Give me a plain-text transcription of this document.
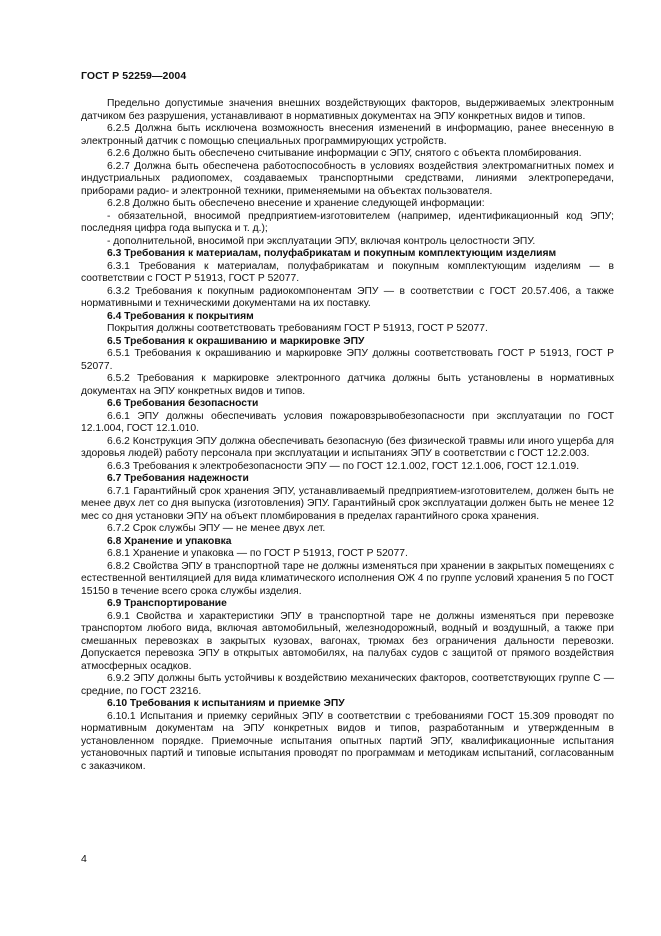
ГОСТ Р 52259—2004

Предельно допустимые значения внешних воздействующих факторов, выдерживаемых электронным датчиком без разрушения, устанавливают в нормативных документах на ЭПУ конкретных видов и типов.

6.2.5 Должна быть исключена возможность внесения изменений в информацию, ранее внесенную в электронный датчик с помощью специальных программирующих устройств.

6.2.6 Должно быть обеспечено считывание информации с ЭПУ, снятого с объекта пломбирования.

6.2.7 Должна быть обеспечена работоспособность в условиях воздействия электромагнитных помех и индустриальных радиопомех, создаваемых транспортными средствами, линиями электропередачи, приборами радио- и электронной техники, применяемыми на объектах пользователя.

6.2.8 Должно быть обеспечено внесение и хранение следующей информации:

- обязательной, вносимой предприятием-изготовителем (например, идентификационный код ЭПУ; последняя цифра года выпуска и т. д.);

- дополнительной, вносимой при эксплуатации ЭПУ, включая контроль целостности ЭПУ.

6.3 Требования к материалам, полуфабрикатам и покупным комплектующим изделиям

6.3.1 Требования к материалам, полуфабрикатам и покупным комплектующим изделиям — в соответствии с ГОСТ Р 51913, ГОСТ Р 52077.

6.3.2 Требования к покупным радиокомпонентам ЭПУ — в соответствии с ГОСТ 20.57.406, а также нормативными и техническими документами на их поставку.

6.4 Требования к покрытиям

Покрытия должны соответствовать требованиям ГОСТ Р 51913, ГОСТ Р 52077.

6.5 Требования к окрашиванию и маркировке ЭПУ

6.5.1 Требования к окрашиванию и маркировке ЭПУ должны соответствовать ГОСТ Р 51913, ГОСТ Р 52077.

6.5.2 Требования к маркировке электронного датчика должны быть установлены в нормативных документах на ЭПУ конкретных видов и типов.

6.6 Требования безопасности

6.6.1 ЭПУ должны обеспечивать условия пожаровзрывобезопасности при эксплуатации по ГОСТ 12.1.004, ГОСТ 12.1.010.

6.6.2 Конструкция ЭПУ должна обеспечивать безопасную (без физической травмы или иного ущерба для здоровья людей) работу персонала при эксплуатации и испытаниях ЭПУ в соответствии с ГОСТ 12.2.003.

6.6.3 Требования к электробезопасности ЭПУ — по ГОСТ 12.1.002, ГОСТ 12.1.006, ГОСТ 12.1.019.

6.7 Требования надежности

6.7.1 Гарантийный срок хранения ЭПУ, устанавливаемый предприятием-изготовителем, должен быть не менее двух лет со дня выпуска (изготовления) ЭПУ. Гарантийный срок эксплуатации должен быть не менее 12 мес со дня установки ЭПУ на объект пломбирования в пределах гарантийного срока хранения.

6.7.2 Срок службы ЭПУ — не менее двух лет.

6.8 Хранение и упаковка

6.8.1 Хранение и упаковка — по ГОСТ Р 51913, ГОСТ Р 52077.

6.8.2 Свойства ЭПУ в транспортной таре не должны изменяться при хранении в закрытых помещениях с естественной вентиляцией для вида климатического исполнения ОЖ 4 по группе условий хранения 5 по ГОСТ 15150 в течение всего срока службы изделия.

6.9 Транспортирование

6.9.1 Свойства и характеристики ЭПУ в транспортной таре не должны изменяться при перевозке транспортом любого вида, включая автомобильный, железнодорожный, водный и воздушный, а также при смешанных перевозках в закрытых кузовах, вагонах, трюмах без ограничения дальности перевозки. Допускается перевозка ЭПУ в открытых автомобилях, на палубах судов с защитой от прямого воздействия атмосферных осадков.

6.9.2 ЭПУ должны быть устойчивы к воздействию механических факторов, соответствующих группе С — средние, по ГОСТ 23216.

6.10 Требования к испытаниям и приемке ЭПУ

6.10.1 Испытания и приемку серийных ЭПУ в соответствии с требованиями ГОСТ 15.309 проводят по нормативным документам на ЭПУ конкретных видов и типов, разработанным и утвержденным в установленном порядке. Приемочные испытания опытных партий ЭПУ, квалификационные испытания установочных партий и типовые испытания проводят по программам и методикам испытаний, согласованным с заказчиком.

4
